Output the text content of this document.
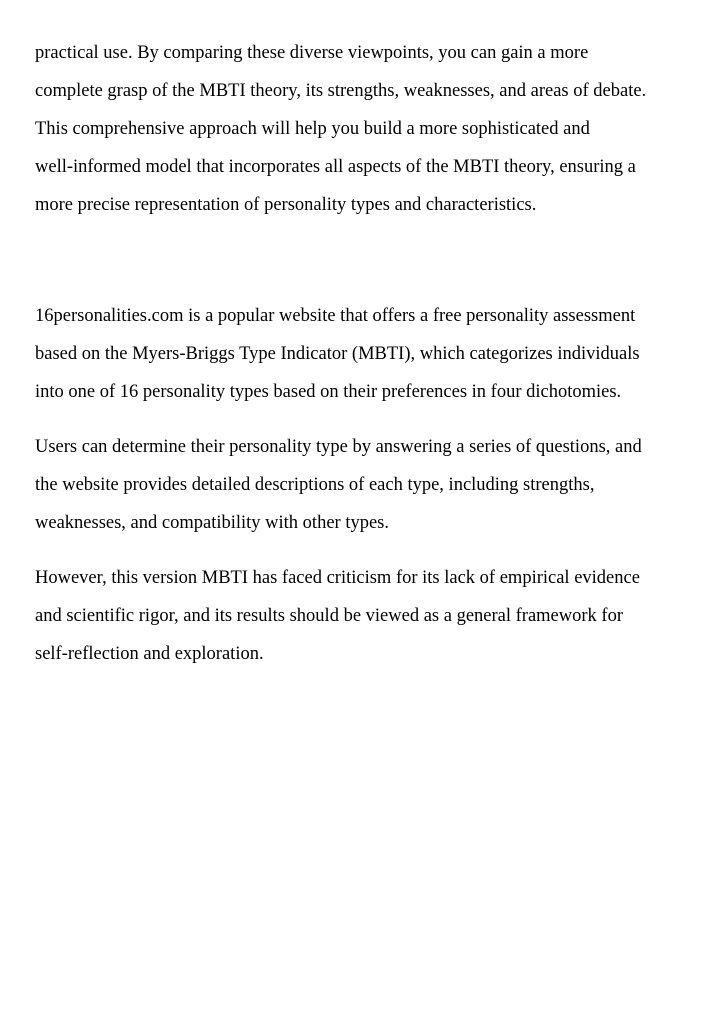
practical use. By comparing these diverse viewpoints, you can gain a more
complete grasp of the MBTI theory, its strengths, weaknesses, and areas of debate.
This comprehensive approach will help you build a more sophisticated and
well-informed model that incorporates all aspects of the MBTI theory, ensuring a
more precise representation of personality types and characteristics.
16personalities.com is a popular website that offers a free personality assessment
based on the Myers-Briggs Type Indicator (MBTI), which categorizes individuals
into one of 16 personality types based on their preferences in four dichotomies.
Users can determine their personality type by answering a series of questions, and
the website provides detailed descriptions of each type, including strengths,
weaknesses, and compatibility with other types.
However, this version MBTI has faced criticism for its lack of empirical evidence
and scientific rigor, and its results should be viewed as a general framework for
self-reflection and exploration.
